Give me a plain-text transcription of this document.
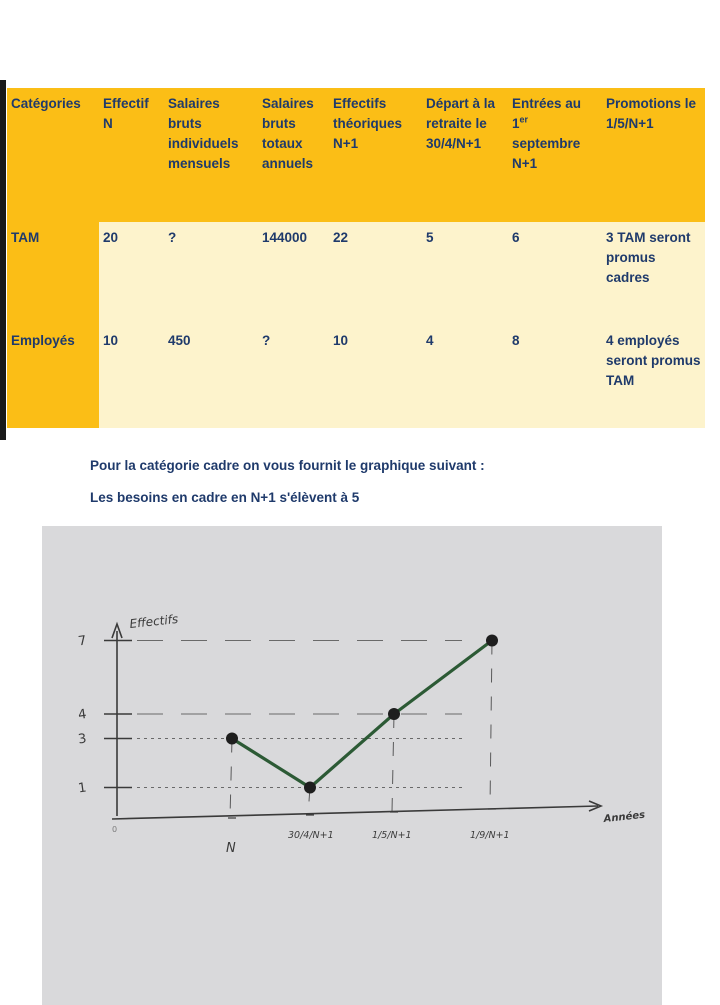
Catégories	Effectif N	Salaires bruts individuels mensuels	Salaires bruts totaux annuels	Effectifs théoriques N+1	Départ à la retraite le 30/4/N+1	Entrées au 1er septembre N+1	Promotions le 1/5/N+1
TAM	20	?	144000	22	5	6	3 TAM seront promus cadres
Employés	10	450	?	10	4	8	4 employés seront promus TAM
Pour la catégorie cadre on vous fournit le graphique suivant :
Les besoins en cadre en N+1 s'élèvent à 5
1
3
4
7
N
30/4/N+1	1/5/N+1	1/9/N+1
Effectifs
Années
0
